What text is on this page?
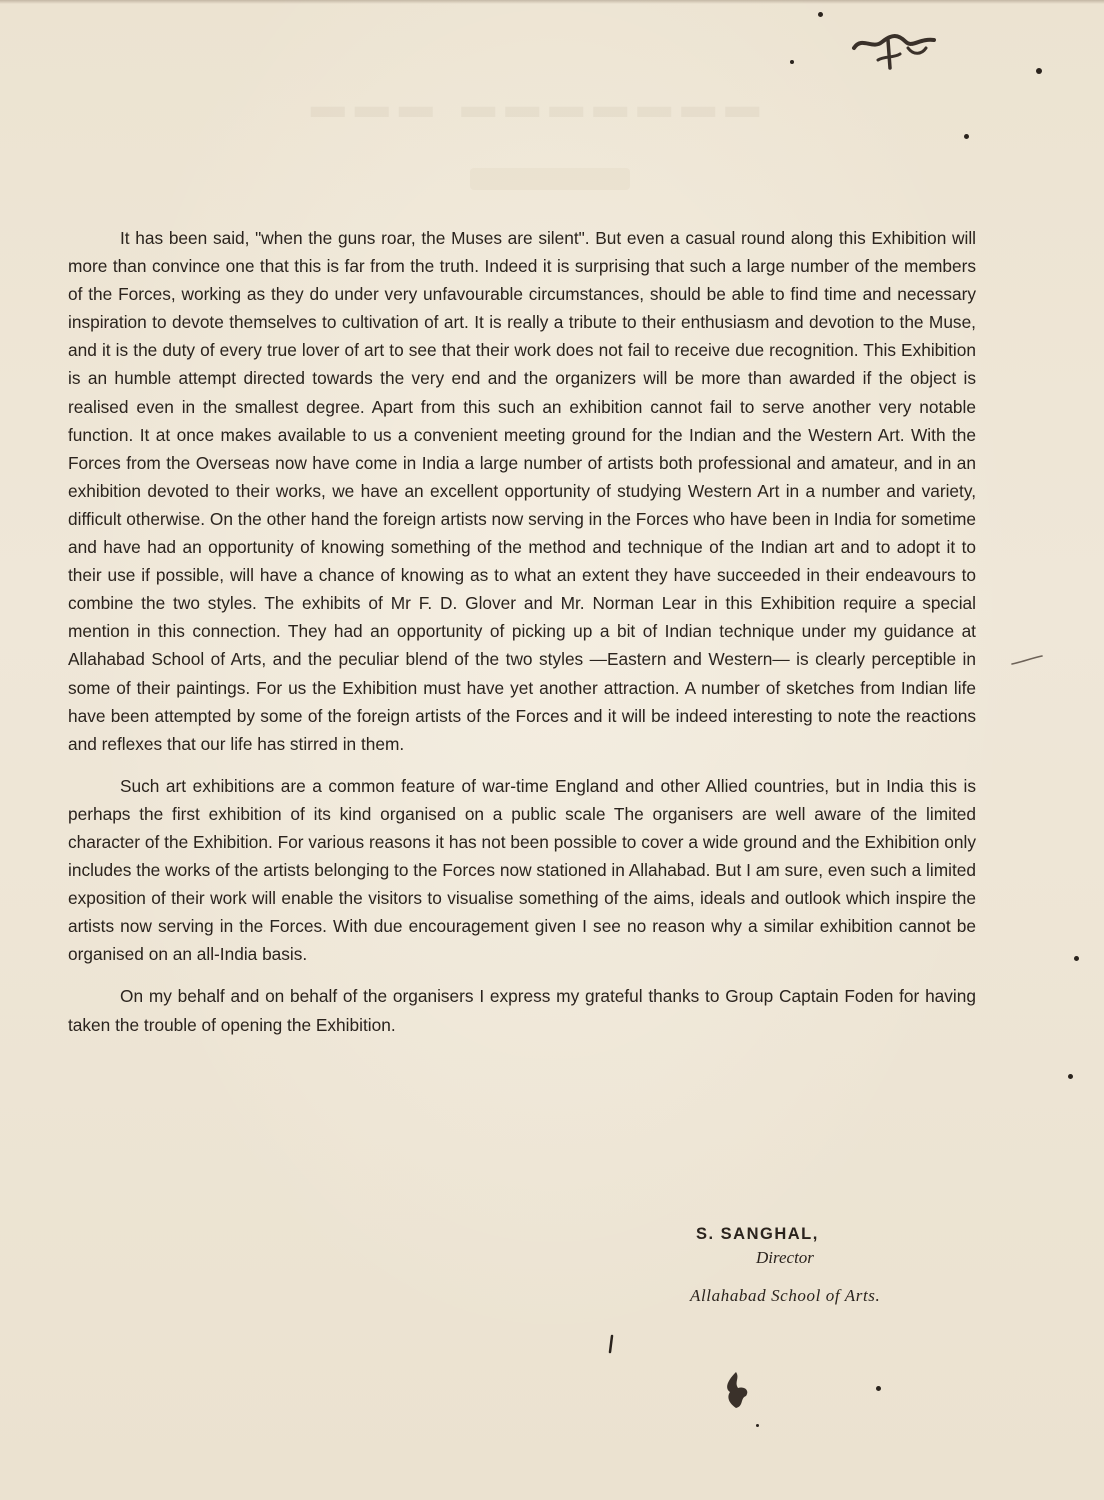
▬▬▬ ▬▬▬▬▬▬▬

It has been said, "when the guns roar, the Muses are silent". But even a casual round along this Exhibition will more than convince one that this is far from the truth. Indeed it is surprising that such a large number of the members of the Forces, working as they do under very unfavourable circumstances, should be able to find time and necessary inspiration to devote themselves to cultivation of art. It is really a tribute to their enthusiasm and devotion to the Muse, and it is the duty of every true lover of art to see that their work does not fail to receive due recognition. This Exhibition is an humble attempt directed towards the very end and the organizers will be more than awarded if the object is realised even in the smallest degree. Apart from this such an exhibition cannot fail to serve another very notable function. It at once makes available to us a convenient meeting ground for the Indian and the Western Art. With the Forces from the Overseas now have come in India a large number of artists both professional and amateur, and in an exhibition devoted to their works, we have an excellent opportunity of studying Western Art in a number and variety, difficult otherwise. On the other hand the foreign artists now serving in the Forces who have been in India for sometime and have had an opportunity of knowing something of the method and technique of the Indian art and to adopt it to their use if possible, will have a chance of knowing as to what an extent they have succeeded in their endeavours to combine the two styles. The exhibits of Mr F. D. Glover and Mr. Norman Lear in this Exhibition require a special mention in this connection. They had an opportunity of picking up a bit of Indian technique under my guidance at Allahabad School of Arts, and the peculiar blend of the two styles —Eastern and Western— is clearly perceptible in some of their paintings. For us the Exhibition must have yet another attraction. A number of sketches from Indian life have been attempted by some of the foreign artists of the Forces and it will be indeed interesting to note the reactions and reflexes that our life has stirred in them.

Such art exhibitions are a common feature of war-time England and other Allied countries, but in India this is perhaps the first exhibition of its kind organised on a public scale The organisers are well aware of the limited character of the Exhibition. For various reasons it has not been possible to cover a wide ground and the Exhibition only includes the works of the artists belonging to the Forces now stationed in Allahabad. But I am sure, even such a limited exposition of their work will enable the visitors to visualise something of the aims, ideals and outlook which inspire the artists now serving in the Forces. With due encouragement given I see no reason why a similar exhibition cannot be organised on an all-India basis.

On my behalf and on behalf of the organisers I express my grateful thanks to Group Captain Foden for having taken the trouble of opening the Exhibition.

S. SANGHAL,
Director
Allahabad School of Arts.
